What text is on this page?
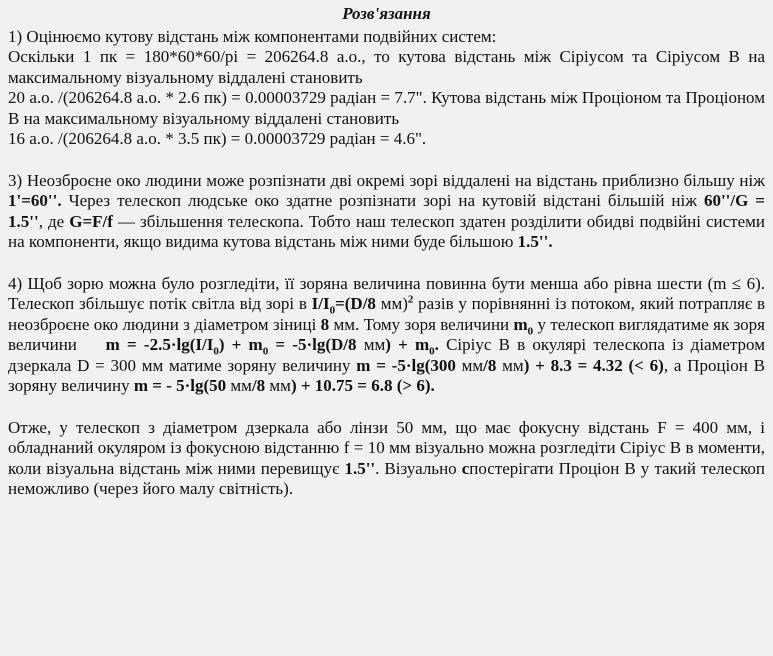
Розв'язання

1) Оцінюємо кутову відстань між компонентами подвійних систем:

Оскільки 1 пк = 180*60*60/pi = 206264.8 а.о., то кутова відстань між Сіріусом та Сіріусом В на максимальному візуальному віддалені становить

20 а.о. /(206264.8 а.о. * 2.6 пк) = 0.00003729 радіан = 7.7". Кутова відстань між Проціоном та Проціоном В на максимальному візуальному віддалені становить

16 а.о. /(206264.8 а.о. * 3.5 пк) = 0.00003729 радіан = 4.6".

3) Неозброєне око людини може розпізнати дві окремі зорі віддалені на відстань приблизно більшу ніж 1'=60''. Через телескоп людське око здатне розпізнати зорі на кутовій відстані більшій ніж 60''/G = 1.5'', де G=F/f — збільшення телескопа. Тобто наш телескоп здатен розділити обидві подвійні системи на компоненти, якщо видима кутова відстань між ними буде більшою 1.5''.

4) Щоб зорю можна було розгледіти, її зоряна величина повинна бути менша або рівна шести (m ≤ 6). Телескоп збільшує потік світла від зорі в $I/I_0=(D/8$ мм)$^2$ разів у порівнянні із потоком, який потрапляє в неозброєне око людини з діаметром зіниці 8 мм. Тому зоря величини $m_0$ у телескоп виглядатиме як зоря величини    $m = -2.5\cdot\lg(I/I_0) + m_0 = -5\cdot\lg(D/8$ $мм) + m_0$. Сіріус В в окулярі телескопа із діаметром дзеркала D = 300 мм матиме зоряну величину m = -5·lg(300 мм/8 мм) + 8.3 = 4.32 (< 6), а Проціон В зоряну величину m = - 5·lg(50 мм/8 мм) + 10.75 = 6.8 (> 6).

Отже, у телескоп з діаметром дзеркала або лінзи 50 мм, що має фокусну відстань F = 400 мм, і обладнаний окуляром із фокусною відстанню f = 10 мм візуально можна розгледіти Сіріус В в моменти, коли візуальна відстань між ними перевищує 1.5''. Візуально спостерігати Проціон В у такий телескоп неможливо (через його малу світність).
